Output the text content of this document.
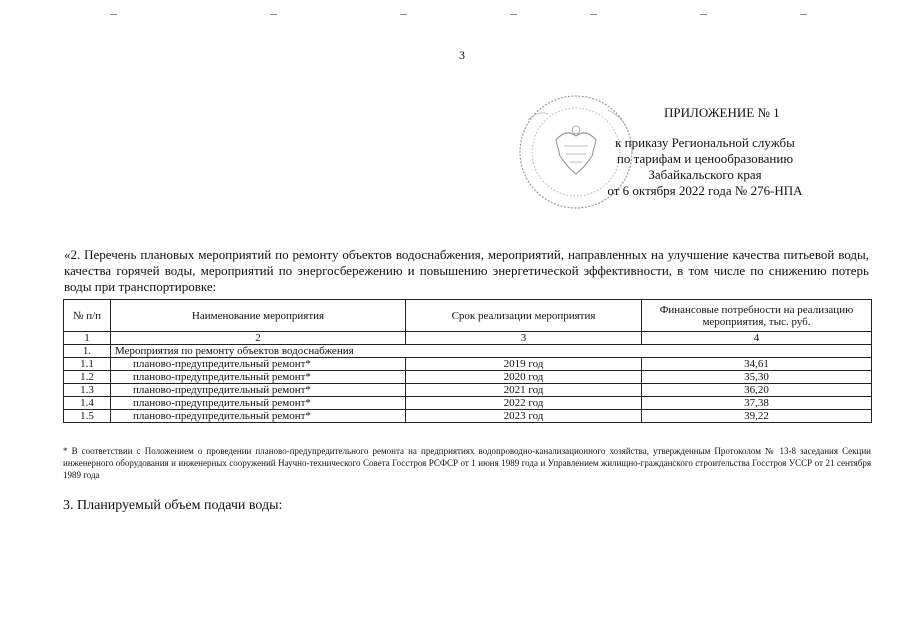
3
ПРИЛОЖЕНИЕ № 1
к приказу Региональной службы
по тарифам и ценообразованию
Забайкальского края
от 6 октября 2022 года № 276-НПА
«2. Перечень плановых мероприятий по ремонту объектов водоснабжения, мероприятий, направленных на улучшение качества питьевой воды, качества горячей воды, мероприятий по энергосбережению и повышению энергетической эффективности, в том числе по снижению потерь воды при транспортировке:
№ п/п	Наименование мероприятия	Срок реализации мероприятия	Финансовые потребности на реализацию мероприятия, тыс. руб.
1	2	3	4
1.	Мероприятия по ремонту объектов водоснабжения		
1.1	планово-предупредительный ремонт*	2019 год	34,61
1.2	планово-предупредительный ремонт*	2020 год	35,30
1.3	планово-предупредительный ремонт*	2021 год	36,20
1.4	планово-предупредительный ремонт*	2022 год	37,38
1.5	планово-предупредительный ремонт*	2023 год	39,22
* В соответствии с Положением о проведении планово-предупредительного ремонта на предприятиях водопроводно-канализационного хозяйства, утвержденным Протоколом № 13-8 заседания Секции инженерного оборудования и инженерных сооружений Научно-технического Совета Госстроя РСФСР от 1 июня 1989 года и Управлением жилищно-гражданского строительства Госстроя УССР от 21 сентября 1989 года
3. Планируемый объем подачи воды:
